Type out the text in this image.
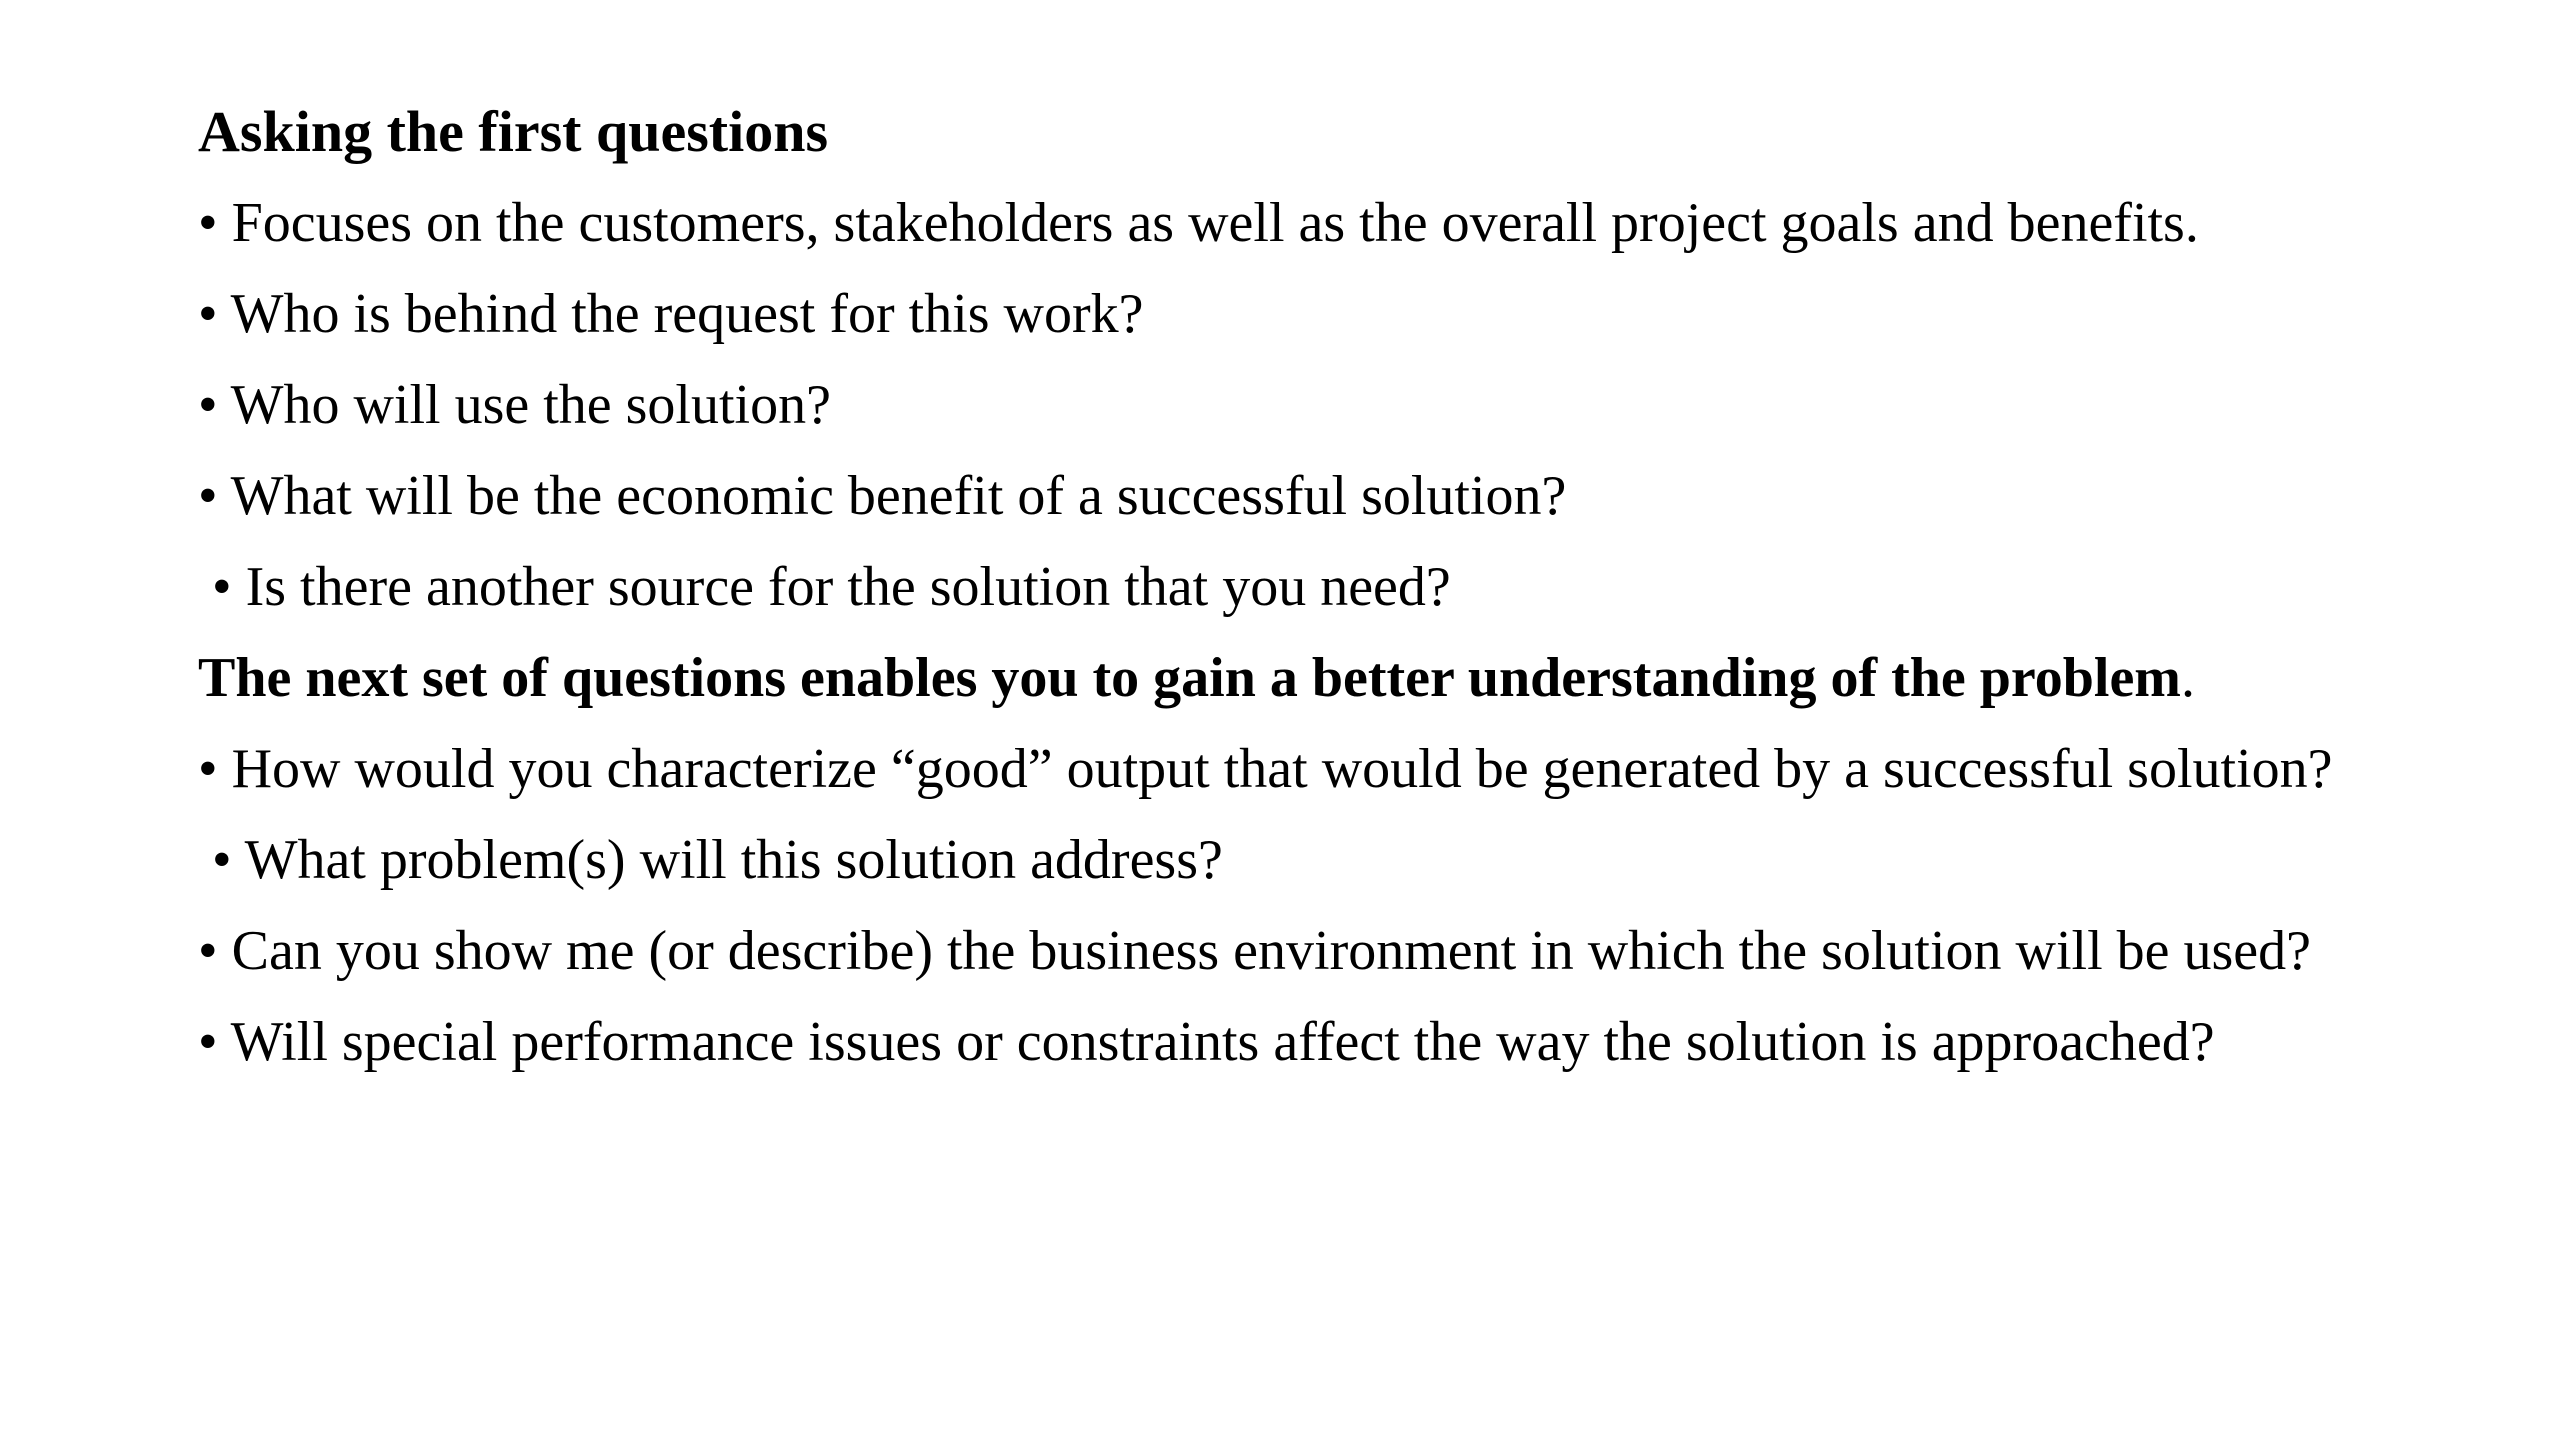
Asking the first questions

• Focuses on the customers, stakeholders as well as the overall project goals and benefits.

• Who is behind the request for this work?

• Who will use the solution?

• What will be the economic benefit of a successful solution?

• Is there another source for the solution that you need?

The next set of questions enables you to gain a better understanding of the problem.

• How would you characterize “good” output that would be generated by a successful solution?

• What problem(s) will this solution address?

• Can you show me (or describe) the business environment in which the solution will be used?

• Will special performance issues or constraints affect the way the solution is approached?
